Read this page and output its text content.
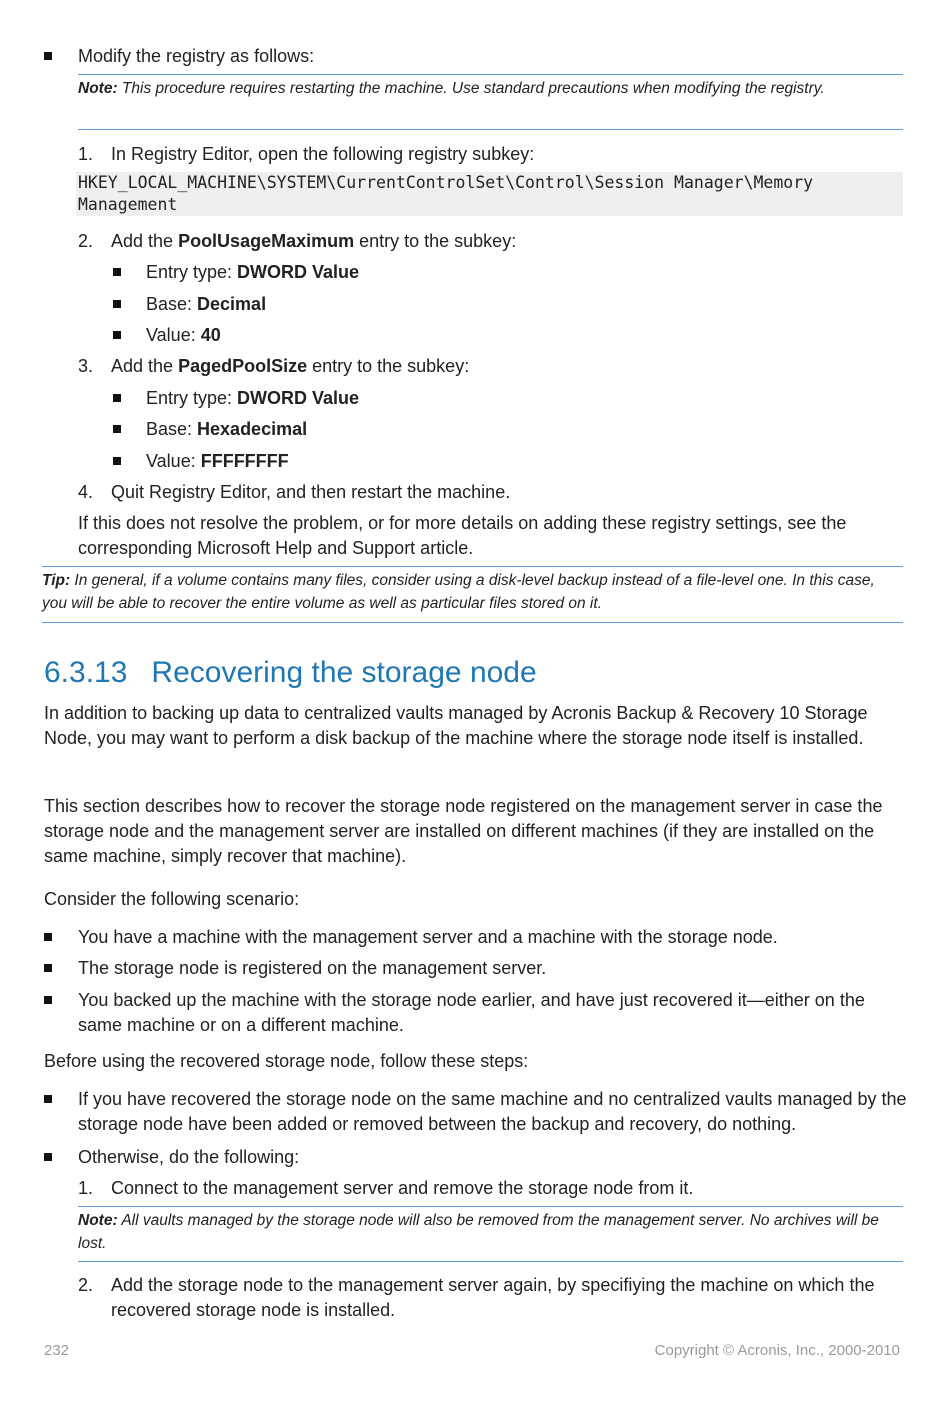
Modify the registry as follows:
Note: This procedure requires restarting the machine. Use standard precautions when modifying the registry.
1. In Registry Editor, open the following registry subkey:
HKEY_LOCAL_MACHINE\SYSTEM\CurrentControlSet\Control\Session Manager\Memory
Management
2. Add the PoolUsageMaximum entry to the subkey:
Entry type: DWORD Value
Base: Decimal
Value: 40
3. Add the PagedPoolSize entry to the subkey:
Entry type: DWORD Value
Base: Hexadecimal
Value: FFFFFFFF
4. Quit Registry Editor, and then restart the machine.
If this does not resolve the problem, or for more details on adding these registry settings, see the corresponding Microsoft Help and Support article.
Tip: In general, if a volume contains many files, consider using a disk-level backup instead of a file-level one. In this case, you will be able to recover the entire volume as well as particular files stored on it.
6.3.13 Recovering the storage node
In addition to backing up data to centralized vaults managed by Acronis Backup & Recovery 10 Storage Node, you may want to perform a disk backup of the machine where the storage node itself is installed.
This section describes how to recover the storage node registered on the management server in case the storage node and the management server are installed on different machines (if they are installed on the same machine, simply recover that machine).
Consider the following scenario:
You have a machine with the management server and a machine with the storage node.
The storage node is registered on the management server.
You backed up the machine with the storage node earlier, and have just recovered it—either on the same machine or on a different machine.
Before using the recovered storage node, follow these steps:
If you have recovered the storage node on the same machine and no centralized vaults managed by the storage node have been added or removed between the backup and recovery, do nothing.
Otherwise, do the following:
1. Connect to the management server and remove the storage node from it.
Note: All vaults managed by the storage node will also be removed from the management server. No archives will be lost.
2. Add the storage node to the management server again, by specifiying the machine on which the recovered storage node is installed.
232	Copyright © Acronis, Inc., 2000-2010
